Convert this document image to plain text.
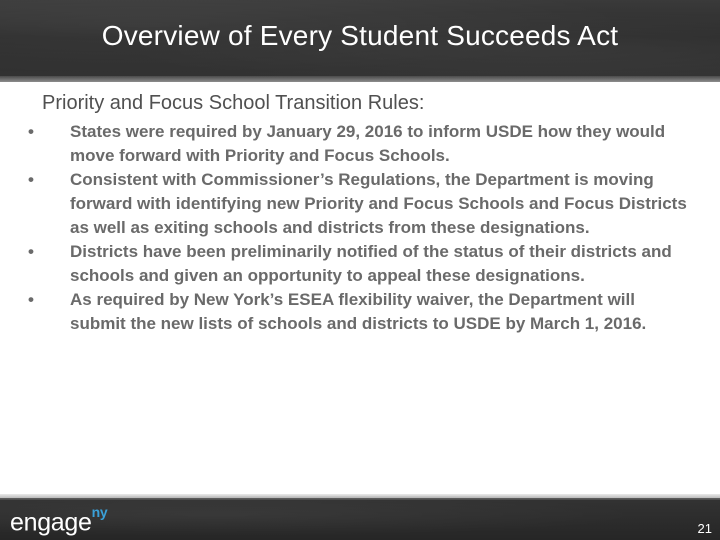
Overview of Every Student Succeeds Act
Priority and Focus School Transition Rules:
•	States were required by January 29, 2016 to inform USDE how they would move forward with Priority and Focus Schools.
•	Consistent with Commissioner’s Regulations, the Department is moving forward with identifying new Priority and Focus Schools and Focus Districts as well as exiting schools and districts from these designations.
•	Districts have been preliminarily notified of the status of their districts and schools and given an opportunity to appeal these designations.
•	As required by New York’s ESEA flexibility waiver, the Department will submit the new lists of schools and districts to USDE by March 1, 2016.
engage$^{ny}$
21
